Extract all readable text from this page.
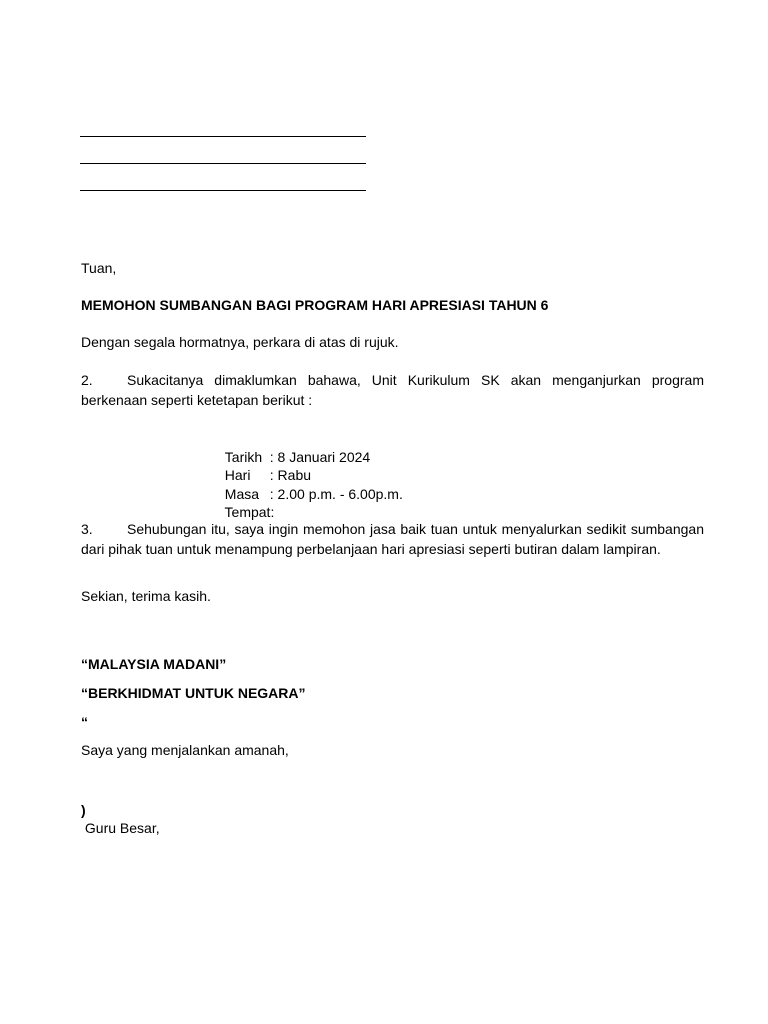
Tuan,
MEMOHON SUMBANGAN BAGI PROGRAM HARI APRESIASI TAHUN 6
Dengan segala hormatnya, perkara di atas di rujuk.
2. Sukacitanya dimaklumkan bahawa, Unit Kurikulum SK akan menganjurkan program berkenaan seperti ketetapan berikut :

Tarikh : 8 Januari 2024

Hari : Rabu

Masa : 2.00 p.m. - 6.00p.m.

Tempat:

3. Sehubungan itu, saya ingin memohon jasa baik tuan untuk menyalurkan sedikit sumbangan dari pihak tuan untuk menampung perbelanjaan hari apresiasi seperti butiran dalam lampiran.
Sekian, terima kasih.
“MALAYSIA MADANI”
“BERKHIDMAT UNTUK NEGARA”
“
Saya yang menjalankan amanah,
)
Guru Besar,
